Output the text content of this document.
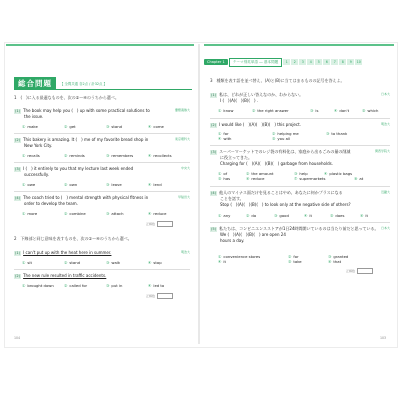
Chapter 1	テーマ別英単語 ― 基本問題	1	2	3	4	5	6	7	8	9	10
総合問題	【 全問共通 各2点 / 計32点 】
1　(　)に入る最適なものを、次の①〜④のうちから選べ。
慶應義塾大
(1) The book may help you (　) up with some practical solutions to
the issue.
① make	② get	③ stand	④ come
東京理科大
(2) This bakery is amazing. It (　) me of my favorite bread shop in
New York City.
① recalls	② reminds	③ remembers	④ recollects
中央大
(3) I (　) it entirely to you that my lecture last week ended
successfully.
① owe	② own	③ leave	④ lend
早稲田大
(4) The coach tried to (　) mental strength with physical fitness in
order to develop the team.
① more	② combine	③ attach	④ reduce
正解数
2　下線部と同じ意味を表すものを、次の①〜④のうちから選べ。
明治大
(1) I can't put up with the heat here in summer.
① sit	② stand	③ walk	④ stop
(2) The new rule resulted in traffic accidents.
① brought down	② called for	③ put in	④ led to
正解数
104
3　種類を表す語を並べ替え、(A)と(B)に当てはまるものの記号を答えよ。
日本大
(1) 私は、どれが正しい答えなのか、わからない。
I (　)(A)(　)(B)(　) .
① know	② the right answer	③ is	④ don't	⑤ which
明治大
(2) I would like (　)(A)(　)(B)(　) this project.
① for	② helping me	③ to thank
④ with	⑤ you all
関西学院大
(3) スーパーマーケットでのレジ袋の有料化は、家庭から出るごみの量の削減
に役立ってきた。
Charging for (　)(A)(　)(B)(　) garbage from households.
① of	② the amount	③ help	④ plastic bags
⑤ has	⑥ reduce	⑦ supermarkets	⑧ at
近畿大
(4) 他人のマイナス面だけを見ることはやめ、あなたに何かプラスになる
ことを話す。
Stop (　)(A)(　)(B)(　) to look only at the negative side of others?
① any	② do	③ good	④ it	⑤ does	⑥ it
日本大
(5) 私たちは、コンビニエンスストアが1日24時間開いているのは当たり前だと思っている。
We (　)(A)(　)(B)(　) are open 24
hours a day.
① convenience stores	② for	③ granted
④ it	⑤ take	⑥ that
正解数
103
